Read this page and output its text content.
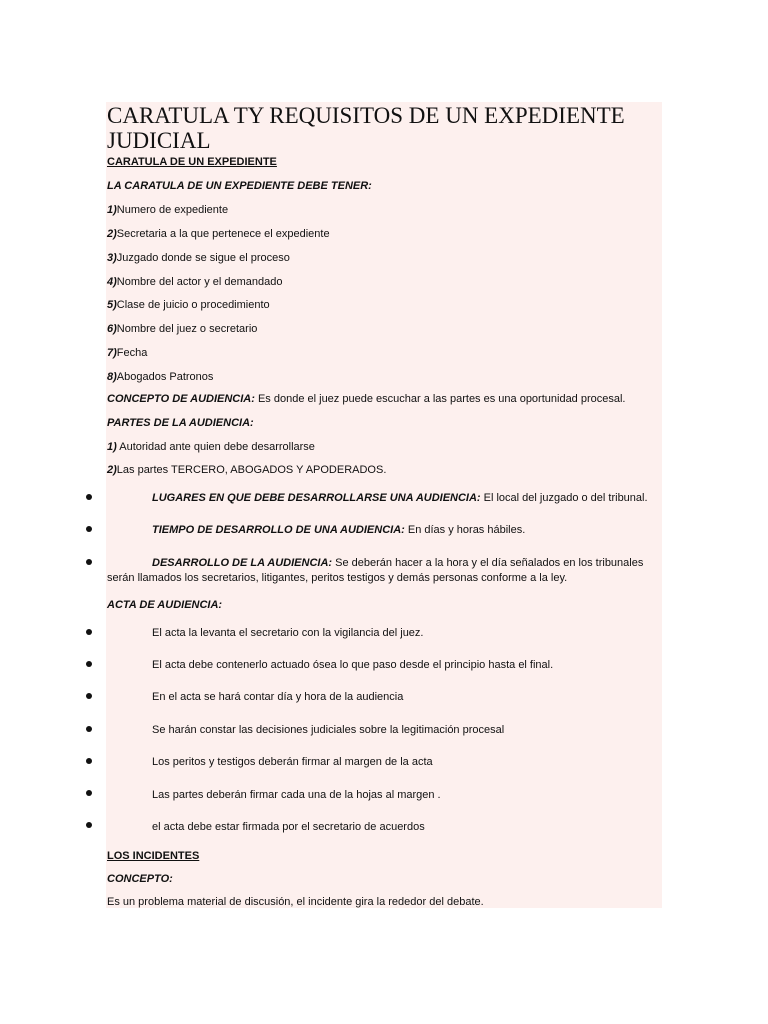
CARATULA TY REQUISITOS DE UN EXPEDIENTE JUDICIAL
CARATULA DE UN EXPEDIENTE
LA CARATULA DE UN EXPEDIENTE DEBE TENER:
1)Numero de expediente
2)Secretaria a la que pertenece el expediente
3)Juzgado donde se sigue el proceso
4)Nombre del actor y el demandado
5)Clase de juicio o procedimiento
6)Nombre del juez o secretario
7)Fecha
8)Abogados Patronos
CONCEPTO DE AUDIENCIA: Es donde el juez puede escuchar a las partes es una oportunidad procesal.
PARTES DE LA AUDIENCIA:
1) Autoridad ante quien debe desarrollarse
2)Las partes TERCERO, ABOGADOS Y APODERADOS.
LUGARES EN QUE DEBE DESARROLLARSE UNA AUDIENCIA: El local del juzgado o del tribunal.
TIEMPO DE DESARROLLO DE UNA AUDIENCIA: En días y horas hábiles.
DESARROLLO DE LA AUDIENCIA: Se deberán hacer a la hora y el día señalados en los tribunales
serán llamados los secretarios, litigantes, peritos testigos y demás personas conforme a la ley.
ACTA DE AUDIENCIA:
El acta la levanta el secretario con la vigilancia del juez.
El acta debe contenerlo actuado ósea lo que paso desde el principio hasta el final.
En el acta se hará contar día y hora de la audiencia
Se harán constar las decisiones judiciales sobre la legitimación procesal
Los peritos y testigos deberán firmar al margen de la acta
Las partes deberán firmar cada una de la hojas al margen .
el acta debe estar firmada por el secretario de acuerdos
LOS INCIDENTES
CONCEPTO:
Es un problema material de discusión, el incidente gira la rededor del debate.
